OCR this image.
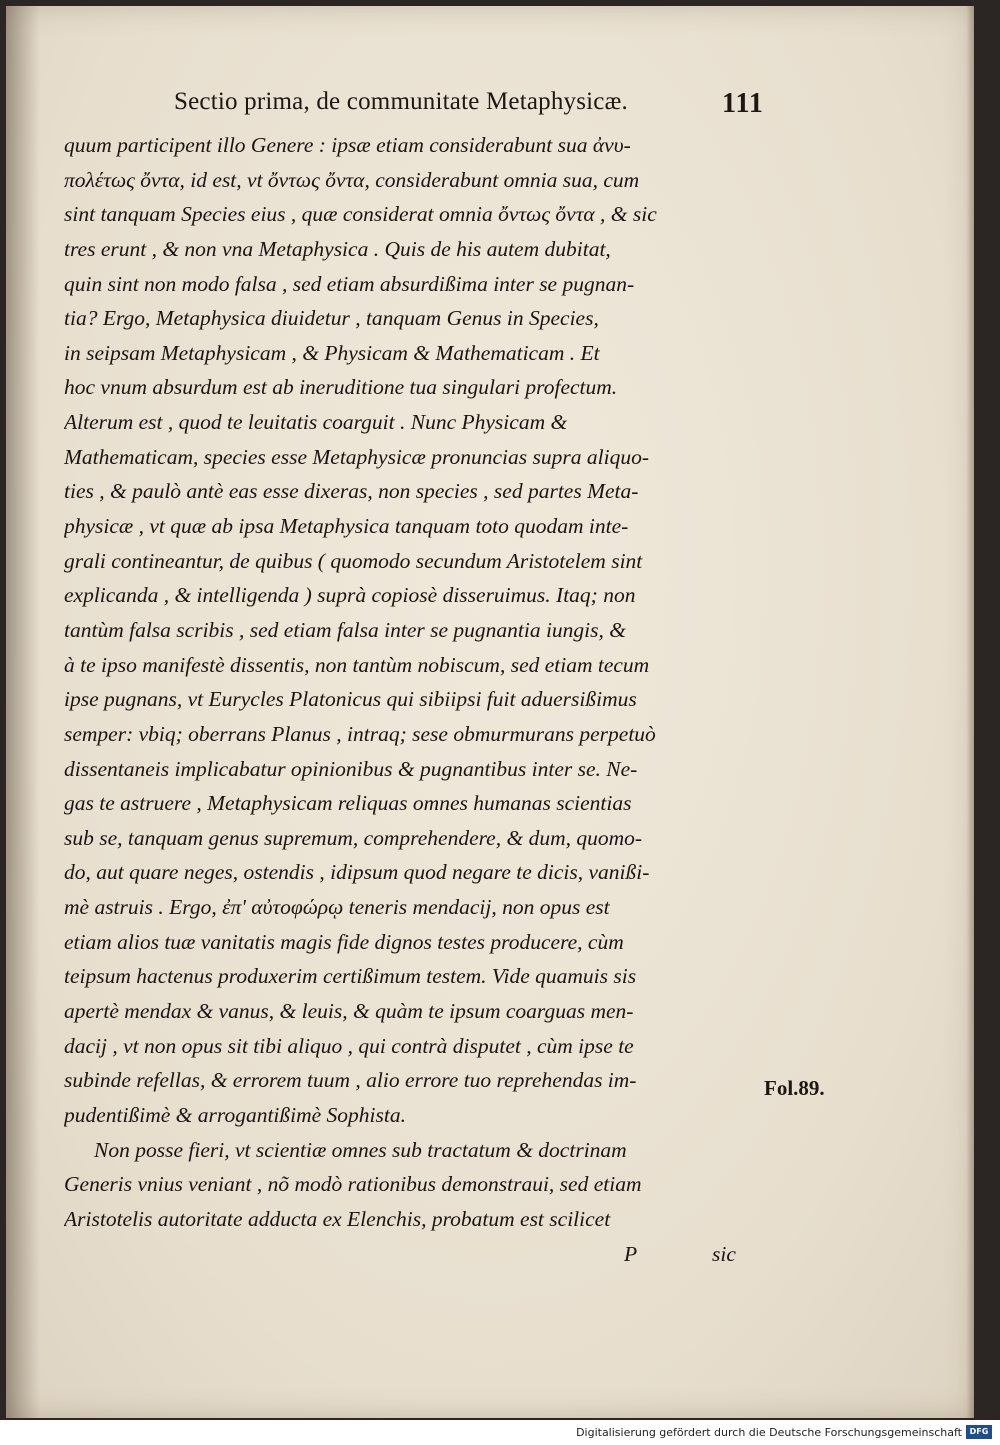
Sectio prima, de communitate Metaphysicæ.	111
quum participent illo Genere : ipsæ etiam considerabunt sua ἀνυ-
πολέτως ὄντα, id est, vt ὄντως ὄντα, considerabunt omnia sua, cum
sint tanquam Species eius , quæ considerat omnia ὄντως ὄντα , & sic
tres erunt , & non vna Metaphysica . Quis de his autem dubitat,
quin sint non modo falsa , sed etiam absurdißima inter se pugnan-
tia? Ergo, Metaphysica diuidetur , tanquam Genus in Species,
in seipsam Metaphysicam , & Physicam & Mathematicam . Et
hoc vnum absurdum est ab ineruditione tua singulari profectum.
Alterum est , quod te leuitatis coarguit . Nunc Physicam &
Mathematicam, species esse Metaphysicæ pronuncias supra aliquo-
ties , & paulò antè eas esse dixeras, non species , sed partes Meta-
physicæ , vt quæ ab ipsa Metaphysica tanquam toto quodam inte-
grali contineantur, de quibus ( quomodo secundum Aristotelem sint
explicanda , & intelligenda ) suprà copiosè disseruimus. Itaq; non
tantùm falsa scribis , sed etiam falsa inter se pugnantia iungis, &
à te ipso manifestè dissentis, non tantùm nobiscum, sed etiam tecum
ipse pugnans, vt Eurycles Platonicus qui sibiipsi fuit aduersißimus
semper: vbiq; oberrans Planus , intraq; sese obmurmurans perpetuò
dissentaneis implicabatur opinionibus & pugnantibus inter se. Ne-
gas te astruere , Metaphysicam reliquas omnes humanas scientias
sub se, tanquam genus supremum, comprehendere, & dum, quomo-
do, aut quare neges, ostendis , idipsum quod negare te dicis, vanißi-
mè astruis . Ergo, ἐπ' αὐτοφώρῳ teneris mendacij, non opus est
etiam alios tuæ vanitatis magis fide dignos testes producere, cùm
teipsum hactenus produxerim certißimum testem. Vide quamuis sis
apertè mendax & vanus, & leuis, & quàm te ipsum coarguas men-
dacij , vt non opus sit tibi aliquo , qui contrà disputet , cùm ipse te
subinde refellas, & errorem tuum , alio errore tuo reprehendas im-
pudentißimè & arrogantißimè Sophista.
Non posse fieri, vt scientiæ omnes sub tractatum & doctrinam
Generis vnius veniant , nõ modò rationibus demonstraui, sed etiam
Aristotelis autoritate adducta ex Elenchis, probatum est scilicet
P	sic
Fol.89.
Digitalisierung gefördert durch die Deutsche Forschungsgemeinschaft DFG
